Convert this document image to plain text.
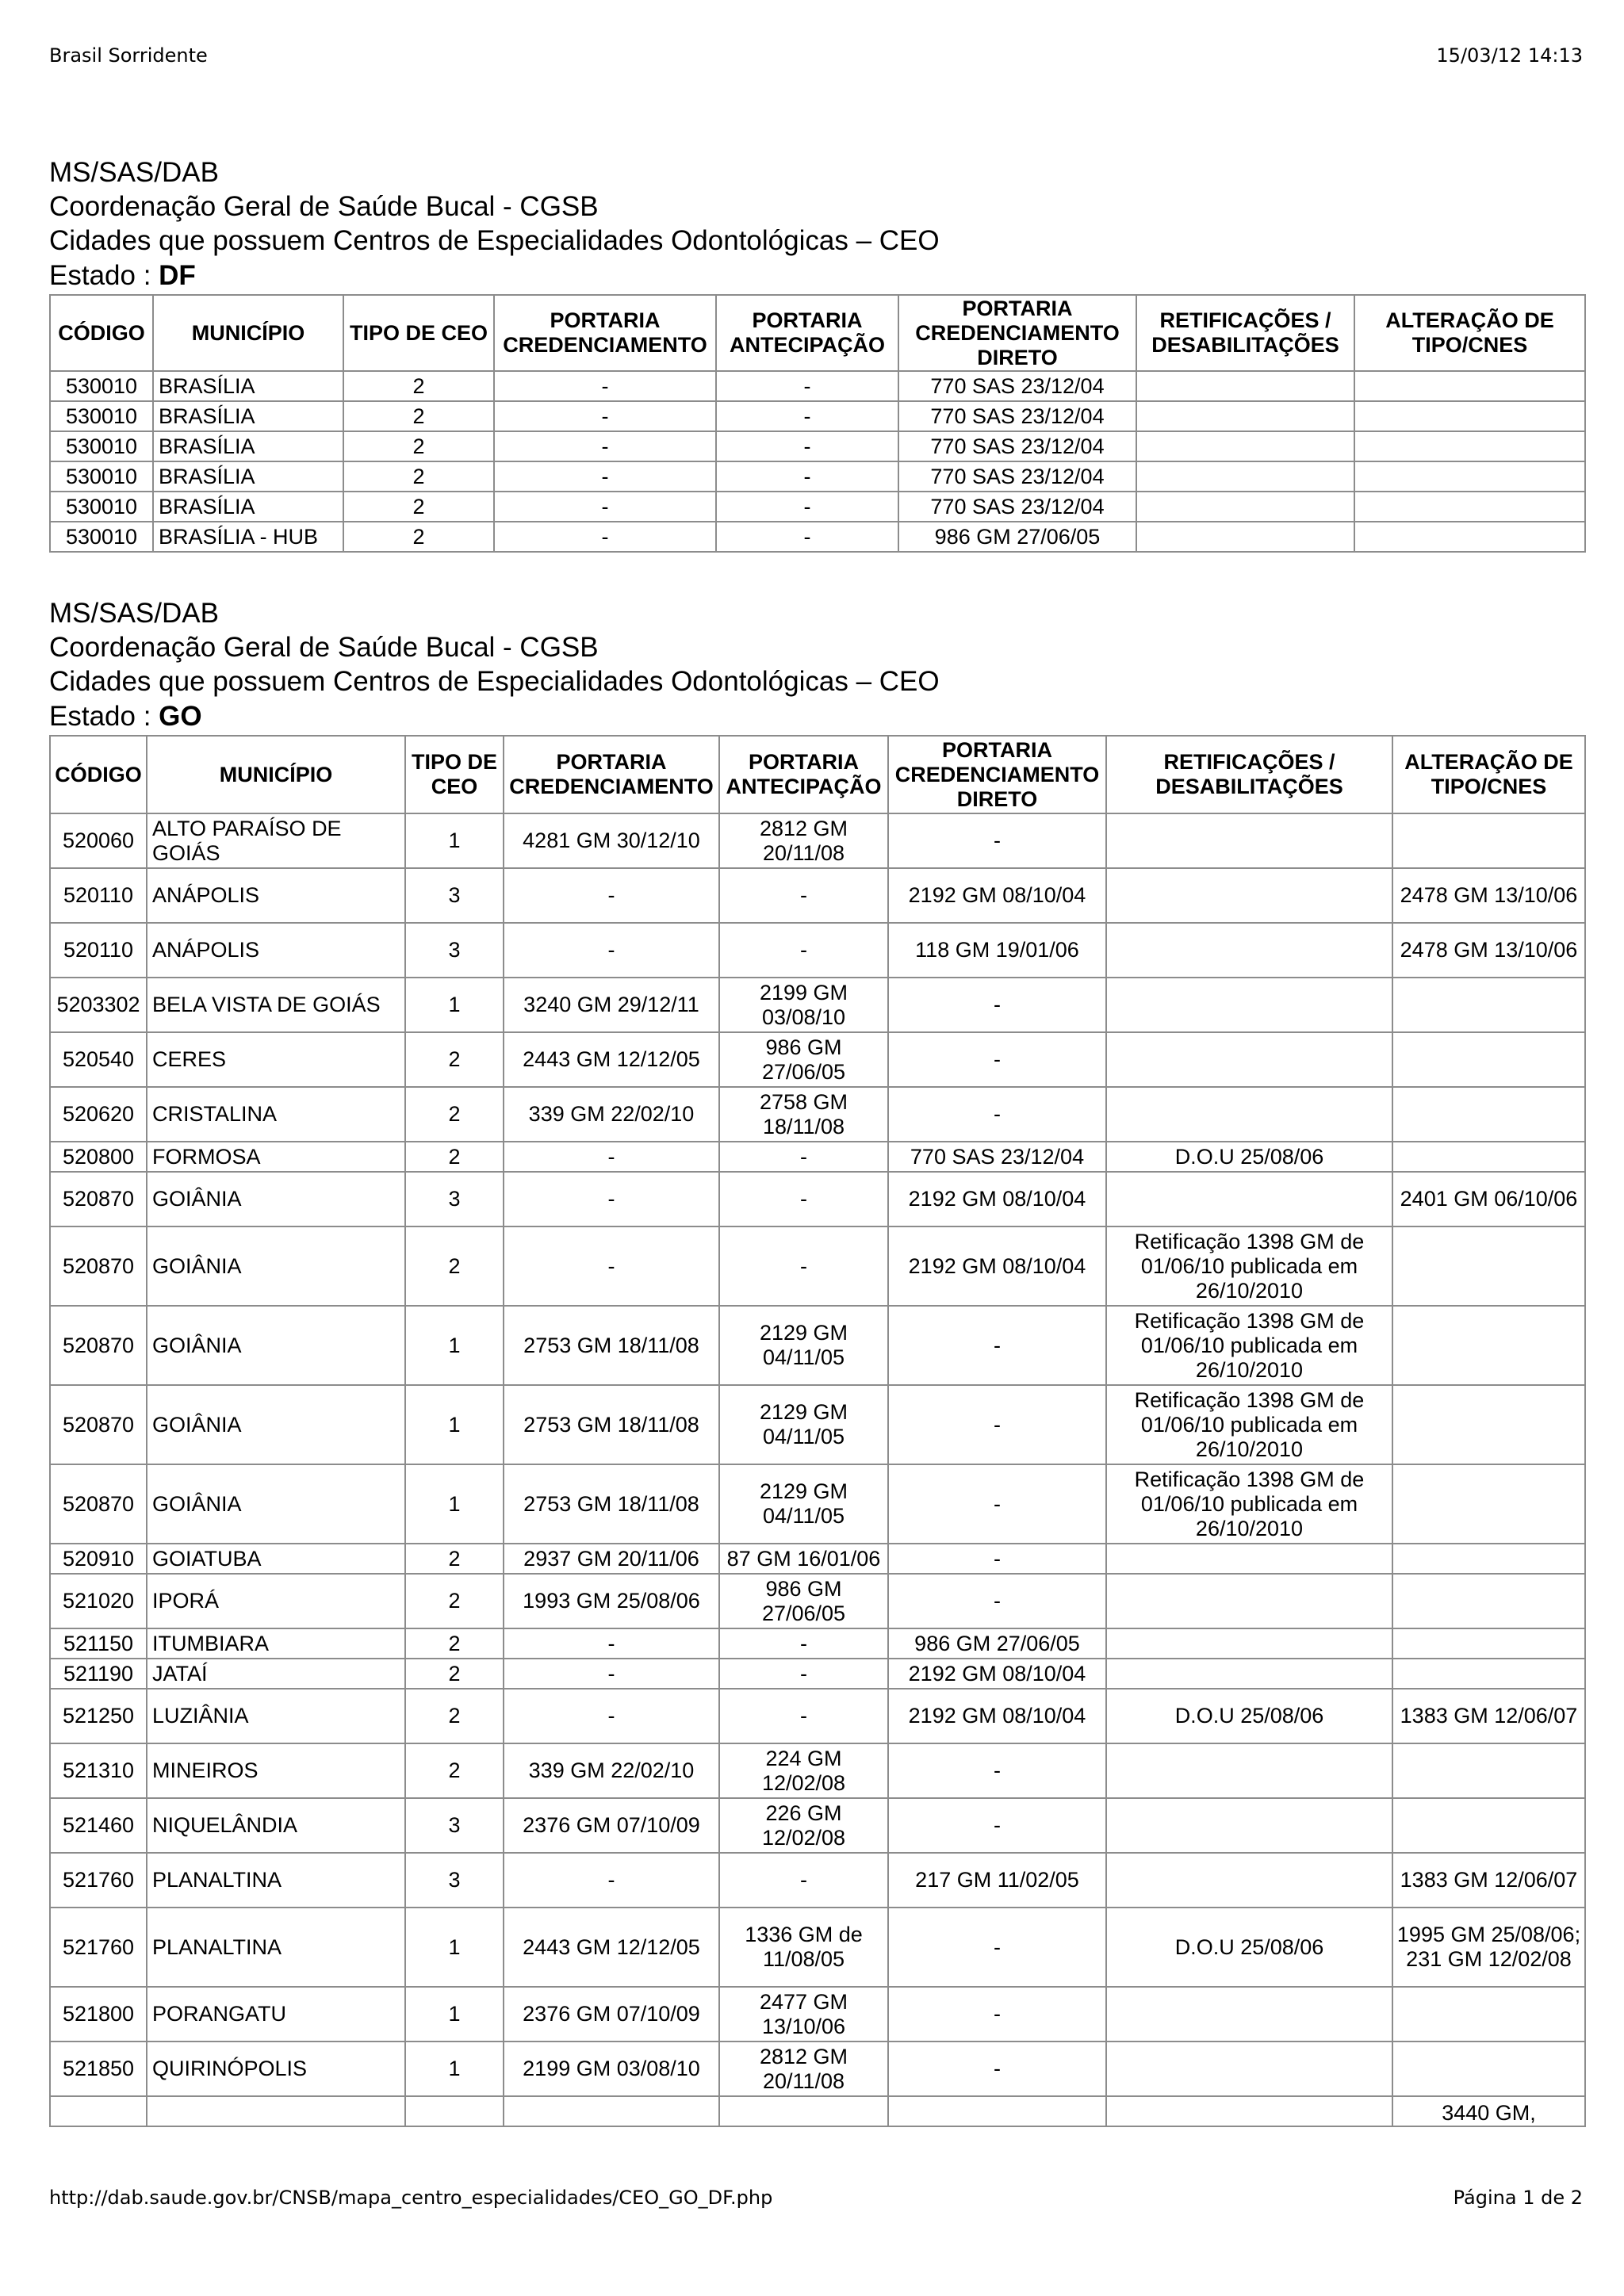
Brasil Sorridente	15/03/12 14:13
MS/SAS/DAB
Coordenação Geral de Saúde Bucal - CGSB
Cidades que possuem Centros de Especialidades Odontológicas – CEO
Estado : DF
CÓDIGO	MUNICÍPIO	TIPO DE CEO	PORTARIA CREDENCIAMENTO	PORTARIA ANTECIPAÇÃO	PORTARIA CREDENCIAMENTO DIRETO	RETIFICAÇÕES / DESABILITAÇÕES	ALTERAÇÃO DE TIPO/CNES
530010	BRASÍLIA	2	-	-	770 SAS 23/12/04		
530010	BRASÍLIA	2	-	-	770 SAS 23/12/04		
530010	BRASÍLIA	2	-	-	770 SAS 23/12/04		
530010	BRASÍLIA	2	-	-	770 SAS 23/12/04		
530010	BRASÍLIA	2	-	-	770 SAS 23/12/04		
530010	BRASÍLIA - HUB	2	-	-	986 GM 27/06/05		
MS/SAS/DAB
Coordenação Geral de Saúde Bucal - CGSB
Cidades que possuem Centros de Especialidades Odontológicas – CEO
Estado : GO
CÓDIGO	MUNICÍPIO	TIPO DE CEO	PORTARIA CREDENCIAMENTO	PORTARIA ANTECIPAÇÃO	PORTARIA CREDENCIAMENTO DIRETO	RETIFICAÇÕES / DESABILITAÇÕES	ALTERAÇÃO DE TIPO/CNES
520060	ALTO PARAÍSO DE GOIÁS	1	4281 GM 30/12/10	2812 GM 20/11/08	-		
520110	ANÁPOLIS	3	-	-	2192 GM 08/10/04		2478 GM 13/10/06
520110	ANÁPOLIS	3	-	-	118 GM 19/01/06		2478 GM 13/10/06
5203302	BELA VISTA DE GOIÁS	1	3240 GM 29/12/11	2199 GM 03/08/10	-		
520540	CERES	2	2443 GM 12/12/05	986 GM 27/06/05	-		
520620	CRISTALINA	2	339 GM 22/02/10	2758 GM 18/11/08	-		
520800	FORMOSA	2	-	-	770 SAS 23/12/04	D.O.U 25/08/06	
520870	GOIÂNIA	3	-	-	2192 GM 08/10/04		2401 GM 06/10/06
520870	GOIÂNIA	2	-	-	2192 GM 08/10/04	Retificação 1398 GM de 01/06/10 publicada em 26/10/2010	
520870	GOIÂNIA	1	2753 GM 18/11/08	2129 GM 04/11/05	-	Retificação 1398 GM de 01/06/10 publicada em 26/10/2010	
520870	GOIÂNIA	1	2753 GM 18/11/08	2129 GM 04/11/05	-	Retificação 1398 GM de 01/06/10 publicada em 26/10/2010	
520870	GOIÂNIA	1	2753 GM 18/11/08	2129 GM 04/11/05	-	Retificação 1398 GM de 01/06/10 publicada em 26/10/2010	
520910	GOIATUBA	2	2937 GM 20/11/06	87 GM 16/01/06	-		
521020	IPORÁ	2	1993 GM 25/08/06	986 GM 27/06/05	-		
521150	ITUMBIARA	2	-	-	986 GM 27/06/05		
521190	JATAÍ	2	-	-	2192 GM 08/10/04		
521250	LUZIÂNIA	2	-	-	2192 GM 08/10/04	D.O.U 25/08/06	1383 GM 12/06/07
521310	MINEIROS	2	339 GM 22/02/10	224 GM 12/02/08	-		
521460	NIQUELÂNDIA	3	2376 GM 07/10/09	226 GM 12/02/08	-		
521760	PLANALTINA	3	-	-	217 GM 11/02/05		1383 GM 12/06/07
521760	PLANALTINA	1	2443 GM 12/12/05	1336 GM de 11/08/05	-	D.O.U 25/08/06	1995 GM 25/08/06; 231 GM 12/02/08
521800	PORANGATU	1	2376 GM 07/10/09	2477 GM 13/10/06	-		
521850	QUIRINÓPOLIS	1	2199 GM 03/08/10	2812 GM 20/11/08	-		
							3440 GM,
http://dab.saude.gov.br/CNSB/mapa_centro_especialidades/CEO_GO_DF.php	Página 1 de 2
